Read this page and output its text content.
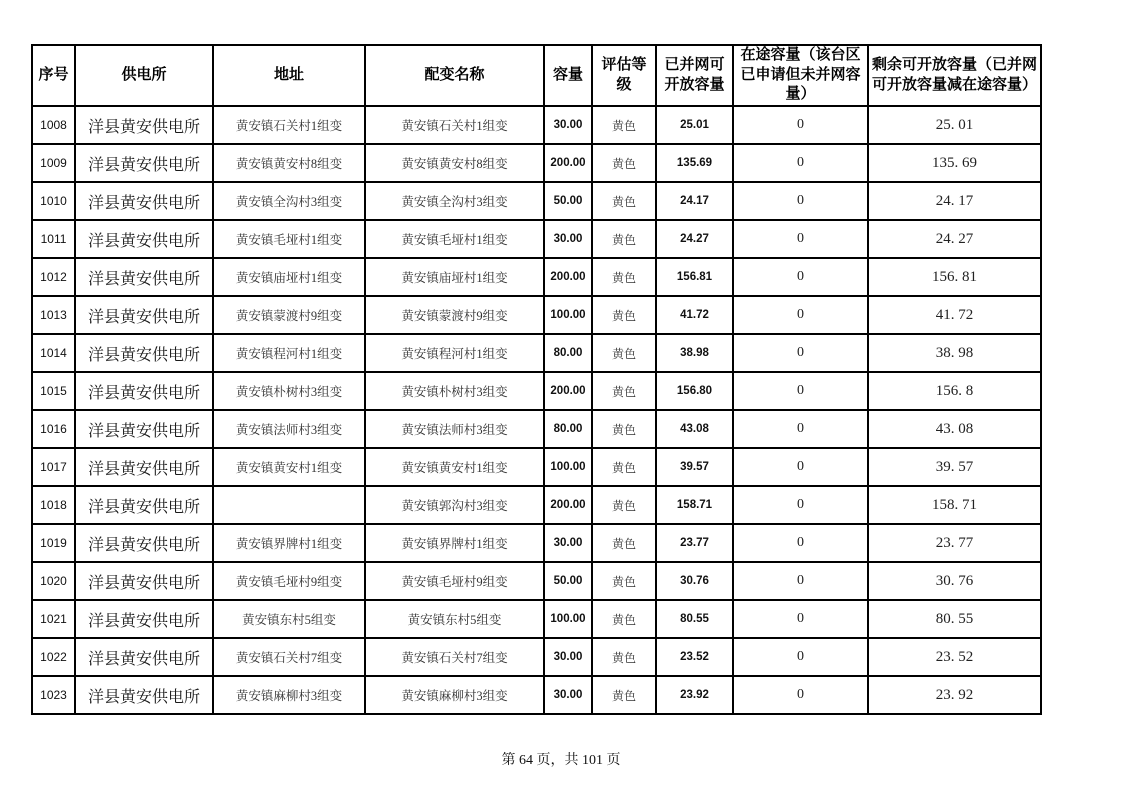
序号	供电所	地址	配变名称	容量	评估等级	已并网可开放容量	在途容量（该台区已申请但未并网容量）	剩余可开放容量（已并网可开放容量减在途容量）
1008	洋县黄安供电所	黄安镇石关村1组变	黄安镇石关村1组变	30.00	黄色	25.01	0	25. 01
1009	洋县黄安供电所	黄安镇黄安村8组变	黄安镇黄安村8组变	200.00	黄色	135.69	0	135. 69
1010	洋县黄安供电所	黄安镇全沟村3组变	黄安镇全沟村3组变	50.00	黄色	24.17	0	24. 17
1011	洋县黄安供电所	黄安镇毛垭村1组变	黄安镇毛垭村1组变	30.00	黄色	24.27	0	24. 27
1012	洋县黄安供电所	黄安镇庙垭村1组变	黄安镇庙垭村1组变	200.00	黄色	156.81	0	156. 81
1013	洋县黄安供电所	黄安镇蒙渡村9组变	黄安镇蒙渡村9组变	100.00	黄色	41.72	0	41. 72
1014	洋县黄安供电所	黄安镇程河村1组变	黄安镇程河村1组变	80.00	黄色	38.98	0	38. 98
1015	洋县黄安供电所	黄安镇朴树村3组变	黄安镇朴树村3组变	200.00	黄色	156.80	0	156. 8
1016	洋县黄安供电所	黄安镇法师村3组变	黄安镇法师村3组变	80.00	黄色	43.08	0	43. 08
1017	洋县黄安供电所	黄安镇黄安村1组变	黄安镇黄安村1组变	100.00	黄色	39.57	0	39. 57
1018	洋县黄安供电所		黄安镇郭沟村3组变	200.00	黄色	158.71	0	158. 71
1019	洋县黄安供电所	黄安镇界牌村1组变	黄安镇界牌村1组变	30.00	黄色	23.77	0	23. 77
1020	洋县黄安供电所	黄安镇毛垭村9组变	黄安镇毛垭村9组变	50.00	黄色	30.76	0	30. 76
1021	洋县黄安供电所	黄安镇东村5组变	黄安镇东村5组变	100.00	黄色	80.55	0	80. 55
1022	洋县黄安供电所	黄安镇石关村7组变	黄安镇石关村7组变	30.00	黄色	23.52	0	23. 52
1023	洋县黄安供电所	黄安镇麻柳村3组变	黄安镇麻柳村3组变	30.00	黄色	23.92	0	23. 92
第 64 页，共 101 页
